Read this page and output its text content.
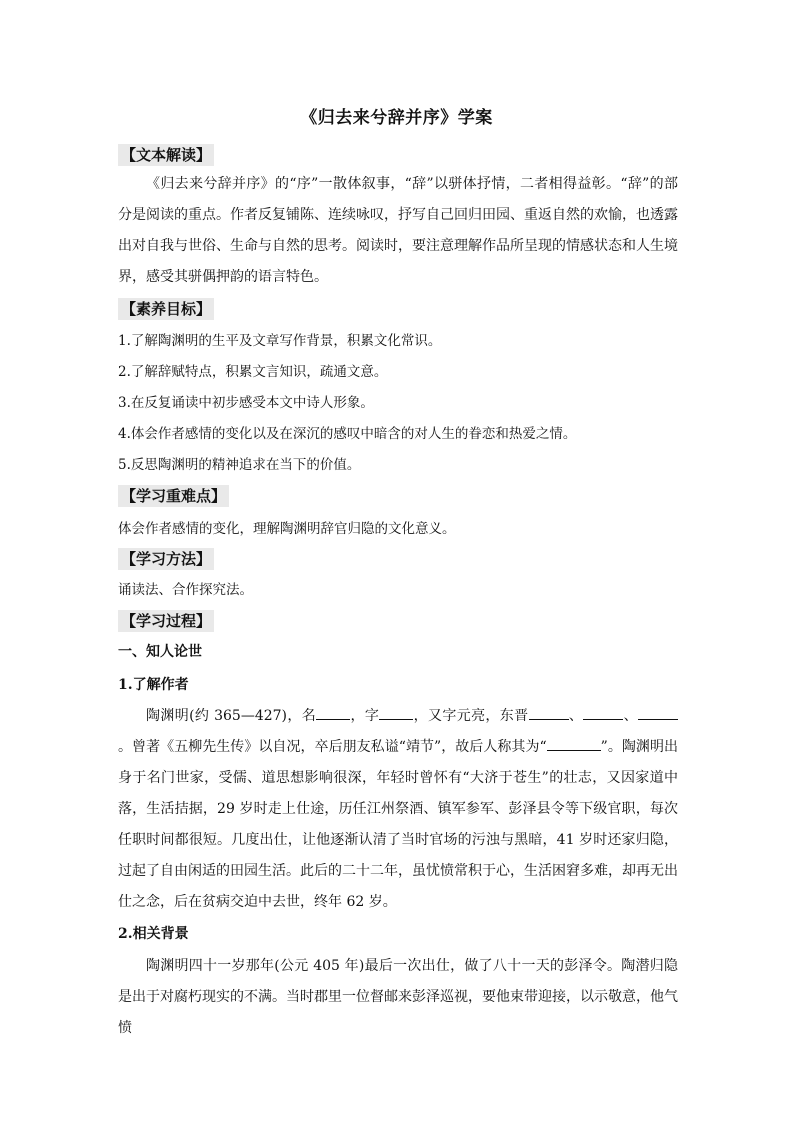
《归去来兮辞并序》学案
【文本解读】

《归去来兮辞并序》的“序”一散体叙事，“辞”以骈体抒情，二者相得益彰。“辞”的部分是阅读的重点。作者反复铺陈、连续咏叹，抒写自己回归田园、重返自然的欢愉，也透露出对自我与世俗、生命与自然的思考。阅读时，要注意理解作品所呈现的情感状态和人生境界，感受其骈偶押韵的语言特色。

【素养目标】
1.了解陶渊明的生平及文章写作背景，积累文化常识。
2.了解辞赋特点，积累文言知识，疏通文意。
3.在反复诵读中初步感受本文中诗人形象。
4.体会作者感情的变化以及在深沉的感叹中暗含的对人生的眷恋和热爱之情。
5.反思陶渊明的精神追求在当下的价值。
【学习重难点】
体会作者感情的变化，理解陶渊明辞官归隐的文化意义。
【学习方法】
诵读法、合作探究法。
【学习过程】
一、知人论世
1.了解作者

陶渊明(约 365—427)，名 ，字 ，又字元亮，东晋	、	、。曾著《五柳先生传》以自况，卒后朋友私谥“靖节”，故后人称其为“	”。陶渊明出身于名门世家，受儒、道思想影响很深，年轻时曾怀有“大济于苍生”的壮志，又因家道中落，生活拮据，29 岁时走上仕途，历任江州祭酒、镇军参军、彭泽县令等下级官职，每次任职时间都很短。几度出仕，让他逐渐认清了当时官场的污浊与黑暗，41 岁时还家归隐，过起了自由闲适的田园生活。此后的二十二年，虽忧愤常积于心，生活困窘多难，却再无出仕之念，后在贫病交迫中去世，终年 62 岁。

2.相关背景

陶渊明四十一岁那年(公元 405 年)最后一次出仕，做了八十一天的彭泽令。陶潜归隐是出于对腐朽现实的不满。当时郡里一位督邮来彭泽巡视，要他束带迎接，以示敬意，他气愤
